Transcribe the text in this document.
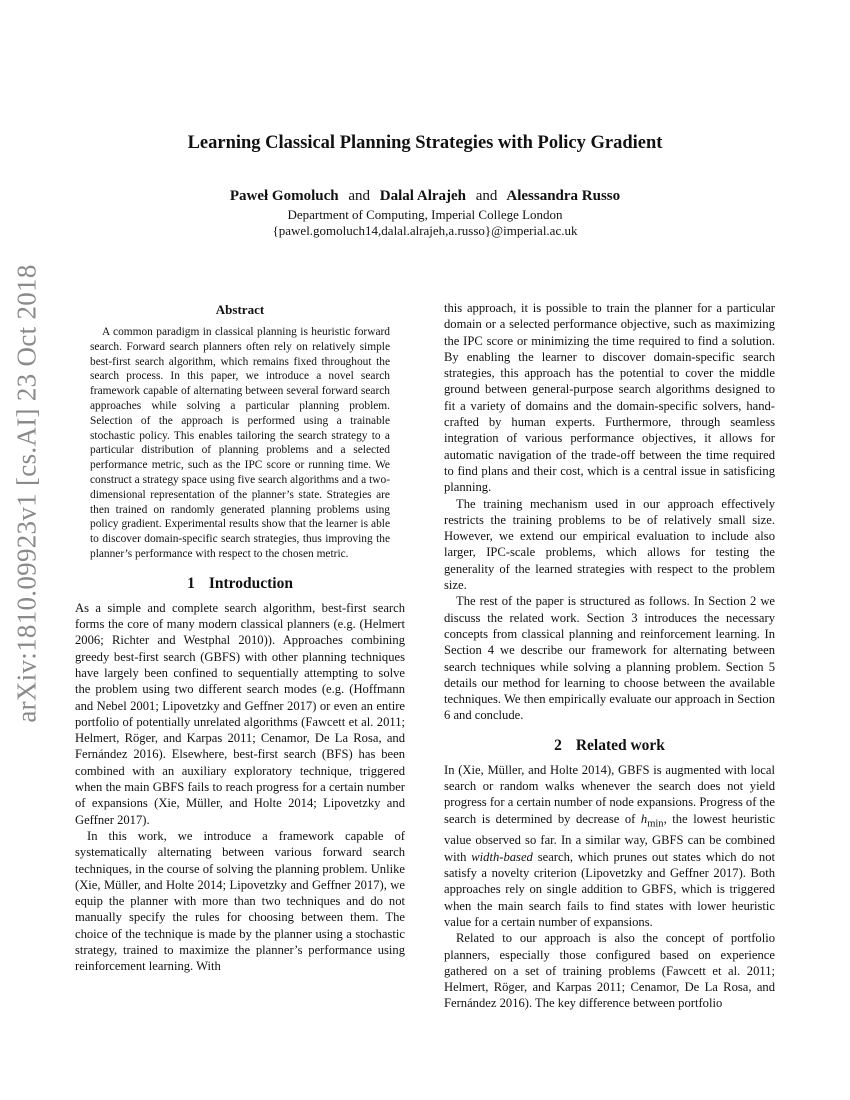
arXiv:1810.09923v1 [cs.AI] 23 Oct 2018
Learning Classical Planning Strategies with Policy Gradient
Paweł Gomoluch and Dalal Alrajeh and Alessandra Russo
Department of Computing, Imperial College London
{pawel.gomoluch14,dalal.alrajeh,a.russo}@imperial.ac.uk
Abstract

A common paradigm in classical planning is heuristic forward search. Forward search planners often rely on relatively simple best-first search algorithm, which remains fixed throughout the search process. In this paper, we introduce a novel search framework capable of alternating between several forward search approaches while solving a particular planning problem. Selection of the approach is performed using a trainable stochastic policy. This enables tailoring the search strategy to a particular distribution of planning problems and a selected performance metric, such as the IPC score or running time. We construct a strategy space using five search algorithms and a two-dimensional representation of the planner’s state. Strategies are then trained on randomly generated planning problems using policy gradient. Experimental results show that the learner is able to discover domain-specific search strategies, thus improving the planner’s performance with respect to the chosen metric.

1 Introduction

As a simple and complete search algorithm, best-first search forms the core of many modern classical planners (e.g. (Helmert 2006; Richter and Westphal 2010)). Approaches combining greedy best-first search (GBFS) with other planning techniques have largely been confined to sequentially attempting to solve the problem using two different search modes (e.g. (Hoffmann and Nebel 2001; Lipovetzky and Geffner 2017) or even an entire portfolio of potentially unrelated algorithms (Fawcett et al. 2011; Helmert, Röger, and Karpas 2011; Cenamor, De La Rosa, and Fernández 2016). Elsewhere, best-first search (BFS) has been combined with an auxiliary exploratory technique, triggered when the main GBFS fails to reach progress for a certain number of expansions (Xie, Müller, and Holte 2014; Lipovetzky and Geffner 2017).

In this work, we introduce a framework capable of systematically alternating between various forward search techniques, in the course of solving the planning problem. Unlike (Xie, Müller, and Holte 2014; Lipovetzky and Geffner 2017), we equip the planner with more than two techniques and do not manually specify the rules for choosing between them. The choice of the technique is made by the planner using a stochastic strategy, trained to maximize the planner’s performance using reinforcement learning. With

this approach, it is possible to train the planner for a particular domain or a selected performance objective, such as maximizing the IPC score or minimizing the time required to find a solution. By enabling the learner to discover domain-specific search strategies, this approach has the potential to cover the middle ground between general-purpose search algorithms designed to fit a variety of domains and the domain-specific solvers, hand-crafted by human experts. Furthermore, through seamless integration of various performance objectives, it allows for automatic navigation of the trade-off between the time required to find plans and their cost, which is a central issue in satisficing planning.

The training mechanism used in our approach effectively restricts the training problems to be of relatively small size. However, we extend our empirical evaluation to include also larger, IPC-scale problems, which allows for testing the generality of the learned strategies with respect to the problem size.

The rest of the paper is structured as follows. In Section 2 we discuss the related work. Section 3 introduces the necessary concepts from classical planning and reinforcement learning. In Section 4 we describe our framework for alternating between search techniques while solving a planning problem. Section 5 details our method for learning to choose between the available techniques. We then empirically evaluate our approach in Section 6 and conclude.

2 Related work

In (Xie, Müller, and Holte 2014), GBFS is augmented with local search or random walks whenever the search does not yield progress for a certain number of node expansions. Progress of the search is determined by decrease of $h_{min}$, the lowest heuristic value observed so far. In a similar way, GBFS can be combined with width-based search, which prunes out states which do not satisfy a novelty criterion (Lipovetzky and Geffner 2017). Both approaches rely on single addition to GBFS, which is triggered when the main search fails to find states with lower heuristic value for a certain number of expansions.

Related to our approach is also the concept of portfolio planners, especially those configured based on experience gathered on a set of training problems (Fawcett et al. 2011; Helmert, Röger, and Karpas 2011; Cenamor, De La Rosa, and Fernández 2016). The key difference between portfolio
